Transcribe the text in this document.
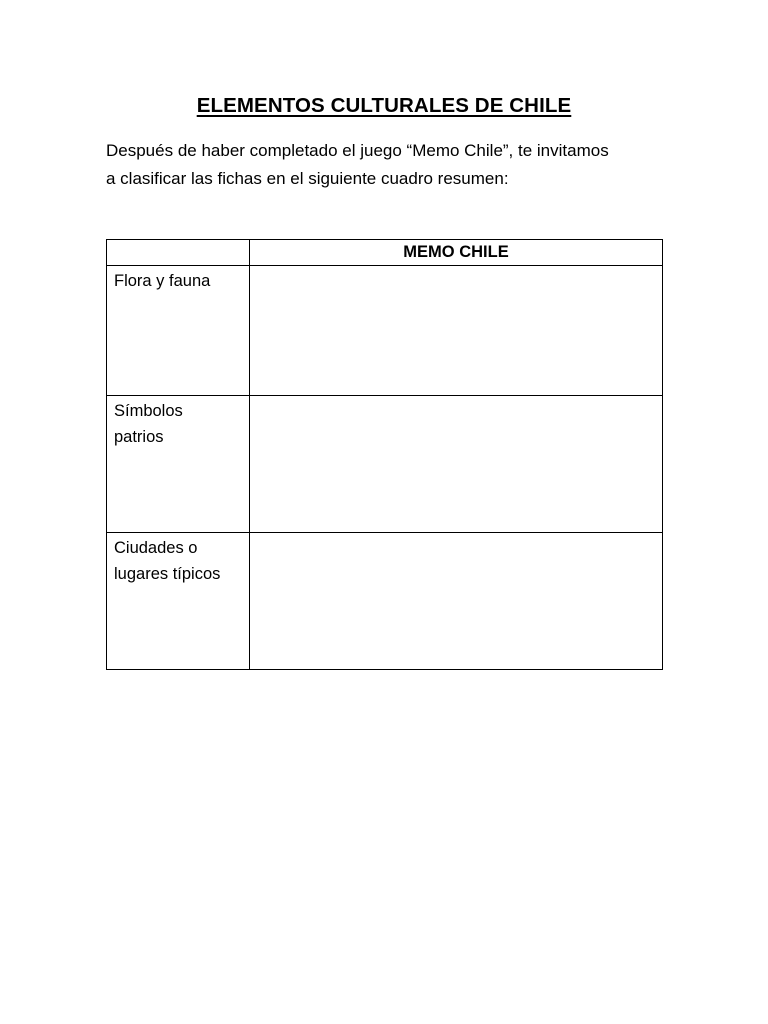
ELEMENTOS CULTURALES DE CHILE

Después de haber completado el juego “Memo Chile”, te invitamos
a clasificar las fichas en el siguiente cuadro resumen:

	MEMO CHILE
Flora y fauna	

Símbolos
patrios	

Ciudades o
lugares típicos	
